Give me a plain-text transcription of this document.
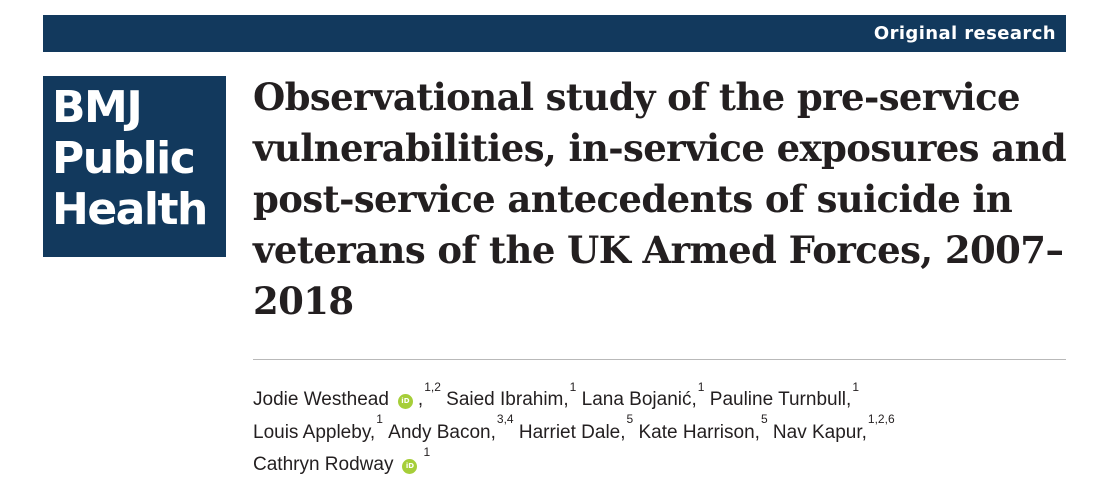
Original research
BMJ
Public
Health
Observational study of the pre-service vulnerabilities, in-service exposures and post-service antecedents of suicide in veterans of the UK Armed Forces, 2007–2018

Jodie Westhead iD ,$^{1,2}$ Saied Ibrahim,$^1$ Lana Bojanić,$^1$ Pauline Turnbull,$^1$
Louis Appleby,$^1$ Andy Bacon,$^{3,4}$ Harriet Dale,$^5$ Kate Harrison,$^5$ Nav Kapur,$^{1,2,6}$
Cathryn Rodway iD$^1$
